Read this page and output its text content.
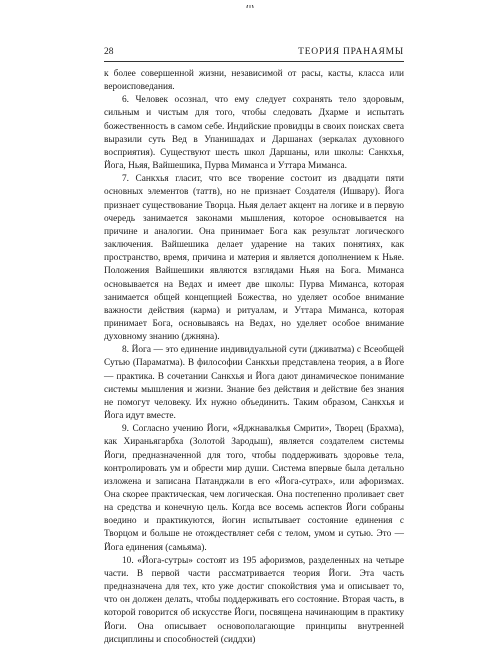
28	ТЕОРИЯ ПРАНАЯМЫ

к более совершенной жизни, независимой от расы, касты, класса или вероисповедания.

6. Человек осознал, что ему следует сохранять тело здоровым, сильным и чистым для того, чтобы следовать Дхарме и испытать божественность в самом себе. Индийские провидцы в своих поисках света выразили суть Вед в Упанишадах и Даршанах (зеркалах духовного восприятия). Существуют шесть школ Даршаны, или школы: Санкхья, Йога, Ньяя, Вайшешика, Пурва Миманса и Уттара Миманса.

7. Санкхья гласит, что все творение состоит из двадцати пяти основных элементов (таттв), но не признает Создателя (Ишвару). Йога признает существование Творца. Ньяя делает акцент на логике и в первую очередь занимается законами мышления, которое основывается на причине и аналогии. Она принимает Бога как результат логического заключения. Вайшешика делает ударение на таких понятиях, как пространство, время, причина и материя и является дополнением к Ньяе. Положения Вайшешики являются взглядами Ньяя на Бога. Миманса основывается на Ведах и имеет две школы: Пурва Миманса, которая занимается общей концепцией Божества, но уделяет особое внимание важности действия (карма) и ритуалам, и Уттара Миманса, которая принимает Бога, основываясь на Ведах, но уделяет особое внимание духовному знанию (джняна).

8. Йога — это единение индивидуальной сути (дживатма) с Всеобщей Сутью (Параматма). В философии Санкхьи представлена теория, а в Йоге — практика. В сочетании Санкхья и Йога дают динамическое понимание системы мышления и жизни. Знание без действия и действие без знания не помогут человеку. Их нужно объединить. Таким образом, Санкхья и Йога идут вместе.

9. Согласно учению Йоги, «Яджнавалкья Смрити», Творец (Брахма), как Хираньягарбха (Золотой Зародыш), является создателем системы Йоги, предназначенной для того, чтобы поддерживать здоровье тела, контролировать ум и обрести мир души. Система впервые была детально изложена и записана Патанджали в его «Йога-сутрах», или афоризмах. Она скорее практическая, чем логическая. Она постепенно проливает свет на средства и конечную цель. Когда все восемь аспектов Йоги собраны воедино и практикуются, йогин испытывает состояние единения с Творцом и больше не отождествляет себя с телом, умом и сутью. Это — Йога единения (самьяма).

10. «Йога-сутры» состоят из 195 афоризмов, разделенных на четыре части. В первой части рассматривается теория Йоги. Эта часть предназначена для тех, кто уже достиг спокойствия ума и описывает то, что он должен делать, чтобы поддерживать его состояние. Вторая часть, в которой говорится об искусстве Йоги, посвящена начинающим в практику Йоги. Она описывает основополагающие принципы внутренней дисциплины и способностей (сиддхи)
